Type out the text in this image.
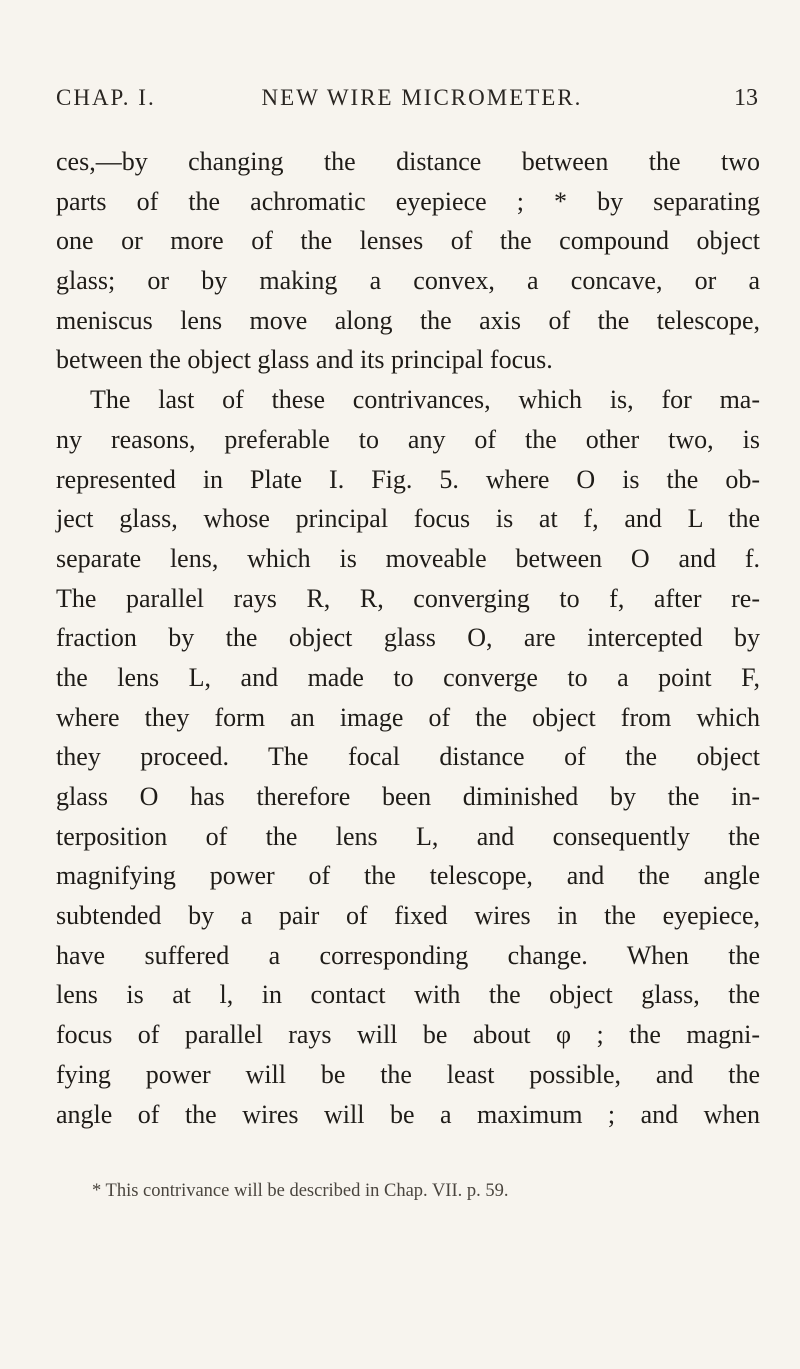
CHAP. I.	NEW WIRE MICROMETER.	13
ces,—by changing the distance between the two
parts of the achromatic eyepiece ; * by separating
one or more of the lenses of the compound object
glass; or by making a convex, a concave, or a
meniscus lens move along the axis of the telescope,
between the object glass and its principal focus.
The last of these contrivances, which is, for ma-
ny reasons, preferable to any of the other two, is
represented in Plate I. Fig. 5. where O is the ob-
ject glass, whose principal focus is at f, and L the
separate lens, which is moveable between O and f.
The parallel rays R, R, converging to f, after re-
fraction by the object glass O, are intercepted by
the lens L, and made to converge to a point F,
where they form an image of the object from which
they proceed. The focal distance of the object
glass O has therefore been diminished by the in-
terposition of the lens L, and consequently the
magnifying power of the telescope, and the angle
subtended by a pair of fixed wires in the eyepiece,
have suffered a corresponding change. When the
lens is at l, in contact with the object glass, the
focus of parallel rays will be about φ ; the magni-
fying power will be the least possible, and the
angle of the wires will be a maximum ; and when
* This contrivance will be described in Chap. VII. p. 59.
